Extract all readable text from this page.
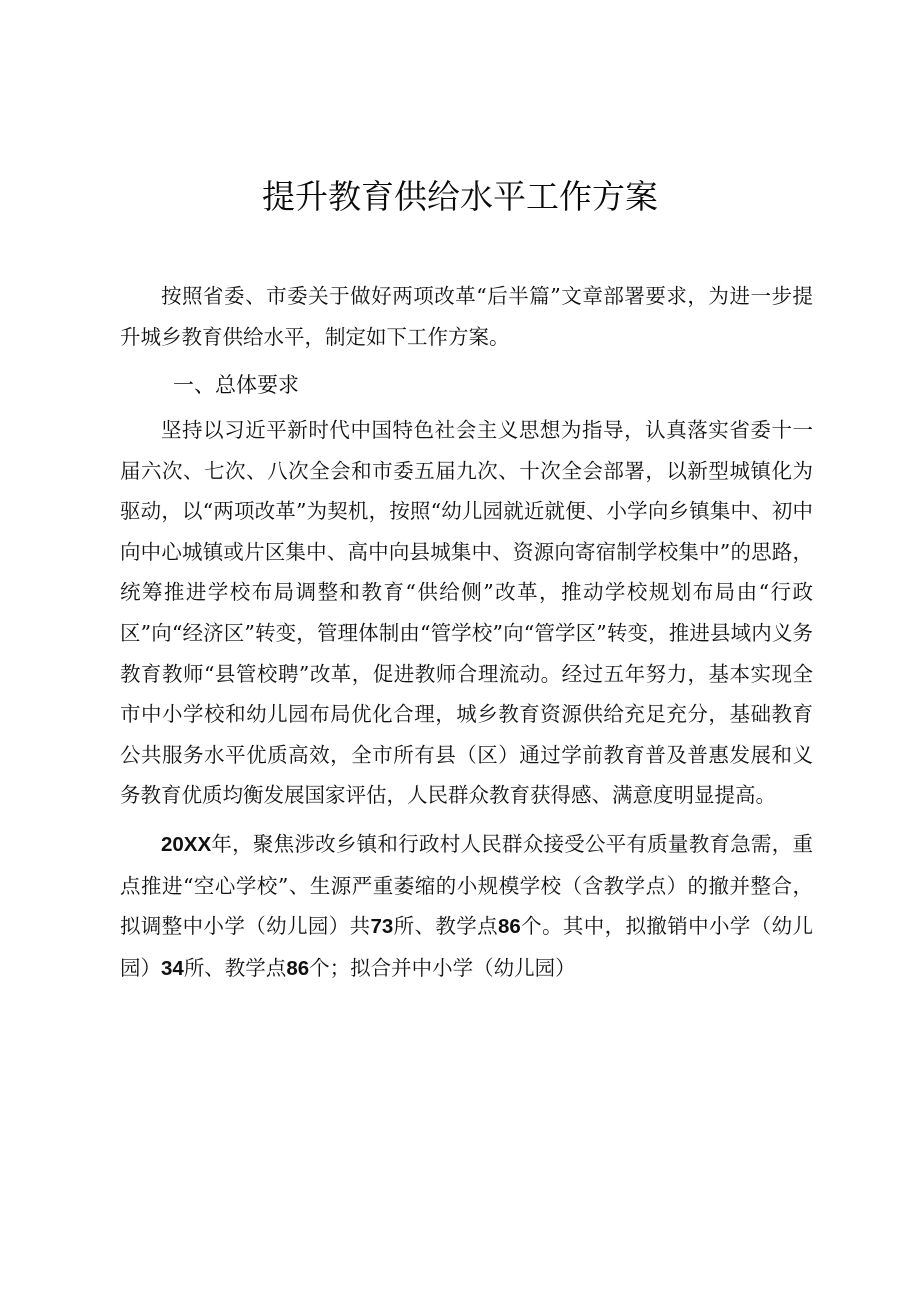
提升教育供给水平工作方案

按照省委、市委关于做好两项改革“后半篇”文章部署要求，为进一步提升城乡教育供给水平，制定如下工作方案。

一、总体要求

坚持以习近平新时代中国特色社会主义思想为指导，认真落实省委十一届六次、七次、八次全会和市委五届九次、十次全会部署，以新型城镇化为驱动，以“两项改革”为契机，按照“幼儿园就近就便、小学向乡镇集中、初中向中心城镇或片区集中、高中向县城集中、资源向寄宿制学校集中”的思路，统筹推进学校布局调整和教育“供给侧”改革，推动学校规划布局由“行政区”向“经济区”转变，管理体制由“管学校”向“管学区”转变，推进县域内义务教育教师“县管校聘”改革，促进教师合理流动。经过五年努力，基本实现全市中小学校和幼儿园布局优化合理，城乡教育资源供给充足充分，基础教育公共服务水平优质高效，全市所有县（区）通过学前教育普及普惠发展和义务教育优质均衡发展国家评估，人民群众教育获得感、满意度明显提高。

20XX年，聚焦涉改乡镇和行政村人民群众接受公平有质量教育急需，重点推进“空心学校”、生源严重萎缩的小规模学校（含教学点）的撤并整合，拟调整中小学（幼儿园）共73所、教学点86个。其中，拟撤销中小学（幼儿园）34所、教学点86个；拟合并中小学（幼儿园）
